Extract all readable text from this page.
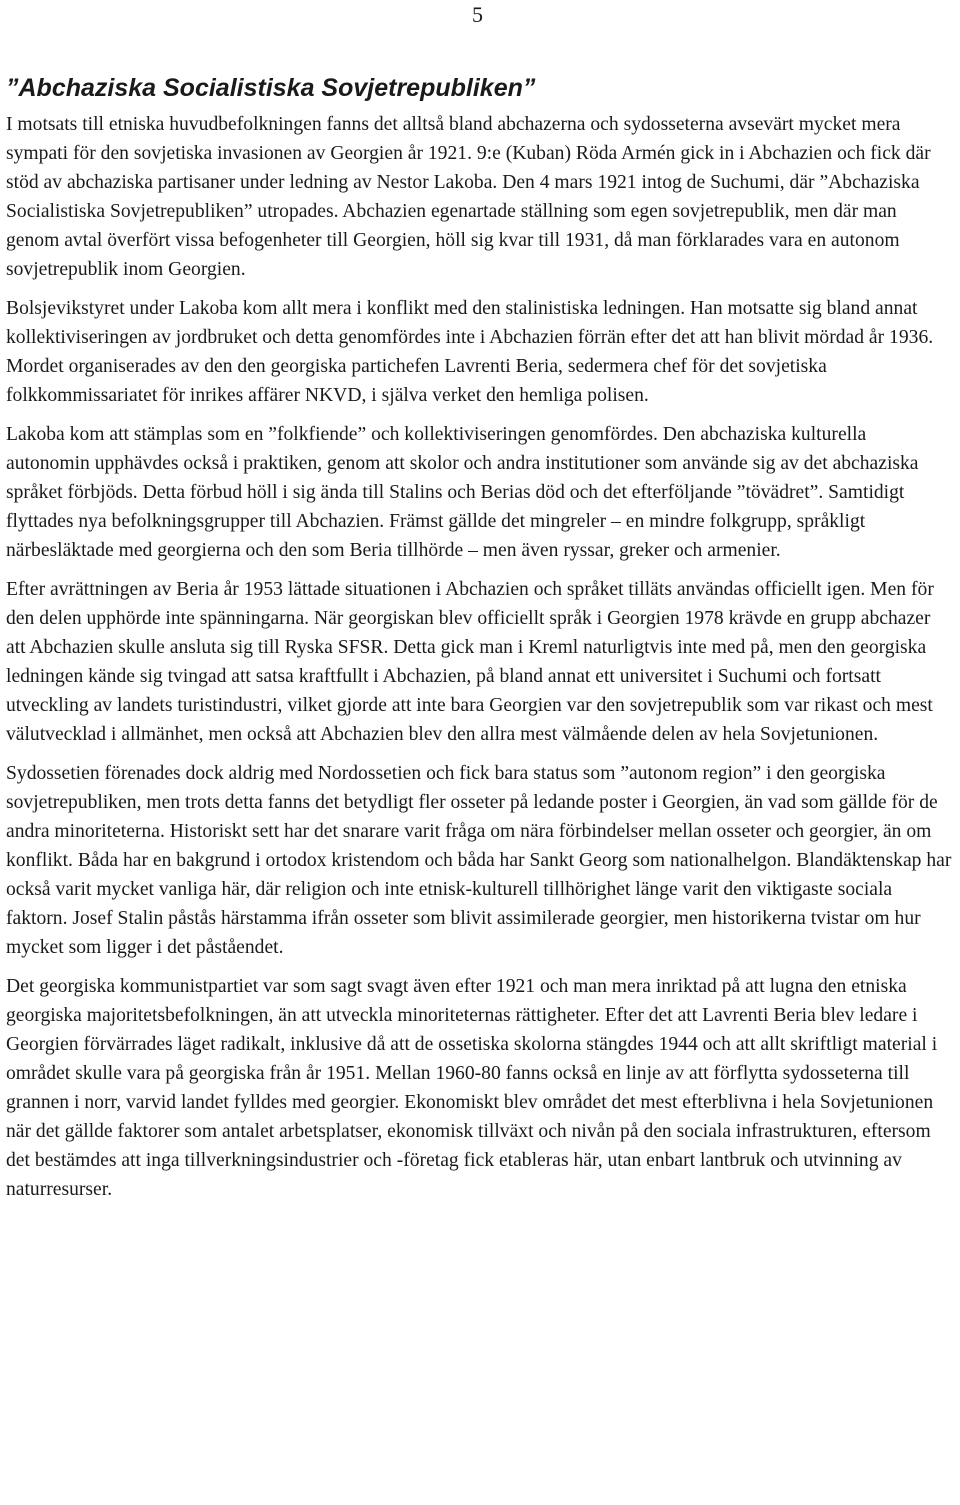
5
”Abchaziska Socialistiska Sovjetrepubliken”

I motsats till etniska huvudbefolkningen fanns det alltså bland abchazerna och sydosseterna avsevärt mycket mera sympati för den sovjetiska invasionen av Georgien år 1921. 9:e (Kuban) Röda Armén gick in i Abchazien och fick där stöd av abchaziska partisaner under ledning av Nestor Lakoba. Den 4 mars 1921 intog de Suchumi, där ”Abchaziska Socialistiska Sovjetrepubliken” utropades. Abchazien egenartade ställning som egen sovjetrepublik, men där man genom avtal överfört vissa befogenheter till Georgien, höll sig kvar till 1931, då man förklarades vara en autonom sovjetrepublik inom Georgien.

Bolsjevikstyret under Lakoba kom allt mera i konflikt med den stalinistiska ledningen. Han motsatte sig bland annat kollektiviseringen av jordbruket och detta genomfördes inte i Abchazien förrän efter det att han blivit mördad år 1936. Mordet organiserades av den den georgiska partichefen Lavrenti Beria, sedermera chef för det sovjetiska folkkommissariatet för inrikes affärer NKVD, i själva verket den hemliga polisen.

Lakoba kom att stämplas som en ”folkfiende” och kollektiviseringen genomfördes. Den abchaziska kulturella autonomin upphävdes också i praktiken, genom att skolor och andra institutioner som använde sig av det abchaziska språket förbjöds. Detta förbud höll i sig ända till Stalins och Berias död och det efterföljande ”tövädret”. Samtidigt flyttades nya befolkningsgrupper till Abchazien. Främst gällde det mingreler – en mindre folkgrupp, språkligt närbesläktade med georgierna och den som Beria tillhörde – men även ryssar, greker och armenier.

Efter avrättningen av Beria år 1953 lättade situationen i Abchazien och språket tilläts användas officiellt igen. Men för den delen upphörde inte spänningarna. När georgiskan blev officiellt språk i Georgien 1978 krävde en grupp abchazer att Abchazien skulle ansluta sig till Ryska SFSR. Detta gick man i Kreml naturligtvis inte med på, men den georgiska ledningen kände sig tvingad att satsa kraftfullt i Abchazien, på bland annat ett universitet i Suchumi och fortsatt utveckling av landets turistindustri, vilket gjorde att inte bara Georgien var den sovjetrepublik som var rikast och mest välutvecklad i allmänhet, men också att Abchazien blev den allra mest välmående delen av hela Sovjetunionen.

Sydossetien förenades dock aldrig med Nordossetien och fick bara status som ”autonom region” i den georgiska sovjetrepubliken, men trots detta fanns det betydligt fler osseter på ledande poster i Georgien, än vad som gällde för de andra minoriteterna. Historiskt sett har det snarare varit fråga om nära förbindelser mellan osseter och georgier, än om konflikt. Båda har en bakgrund i ortodox kristendom och båda har Sankt Georg som nationalhelgon. Blandäktenskap har också varit mycket vanliga här, där religion och inte etnisk-kulturell tillhörighet länge varit den viktigaste sociala faktorn. Josef Stalin påstås härstamma ifrån osseter som blivit assimilerade georgier, men historikerna tvistar om hur mycket som ligger i det påståendet.

Det georgiska kommunistpartiet var som sagt svagt även efter 1921 och man mera inriktad på att lugna den etniska georgiska majoritetsbefolkningen, än att utveckla minoriteternas rättigheter. Efter det att Lavrenti Beria blev ledare i Georgien förvärrades läget radikalt, inklusive då att de ossetiska skolorna stängdes 1944 och att allt skriftligt material i området skulle vara på georgiska från år 1951. Mellan 1960-80 fanns också en linje av att förflytta sydosseterna till grannen i norr, varvid landet fylldes med georgier. Ekonomiskt blev området det mest efterblivna i hela Sovjetunionen när det gällde faktorer som antalet arbetsplatser, ekonomisk tillväxt och nivån på den sociala infrastrukturen, eftersom det bestämdes att inga tillverkningsindustrier och -företag fick etableras här, utan enbart lantbruk och utvinning av naturresurser.
